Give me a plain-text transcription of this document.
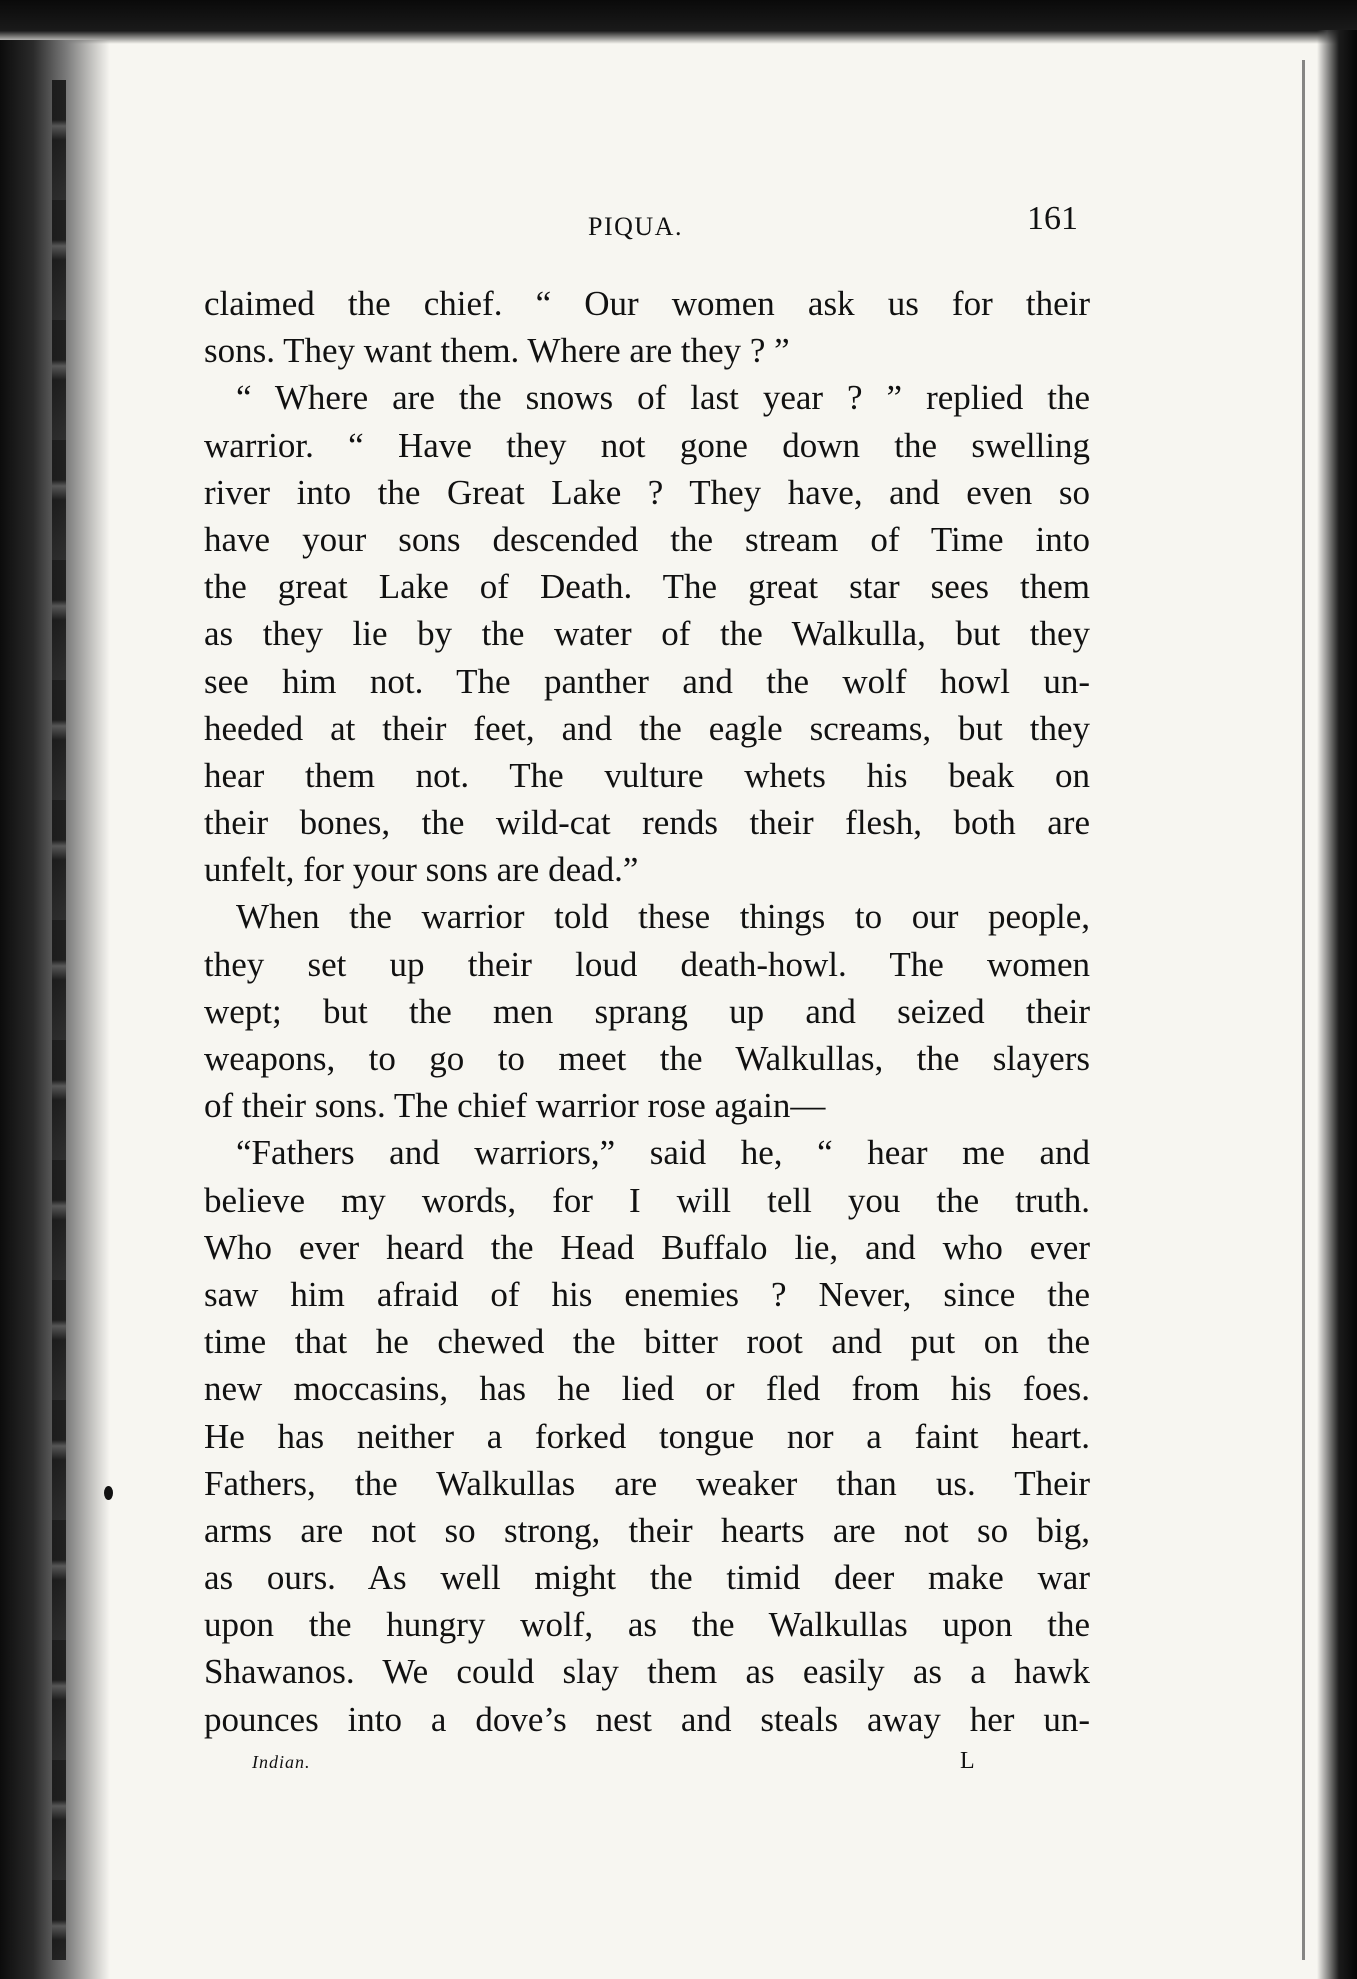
PIQUA.	161
claimed the chief. “ Our women ask us for their
sons. They want them. Where are they ? ”
“ Where are the snows of last year ? ” replied the
warrior. “ Have they not gone down the swelling
river into the Great Lake ? They have, and even so
have your sons descended the stream of Time into
the great Lake of Death. The great star sees them
as they lie by the water of the Walkulla, but they
see him not. The panther and the wolf howl un-
heeded at their feet, and the eagle screams, but they
hear them not. The vulture whets his beak on
their bones, the wild-cat rends their flesh, both are
unfelt, for your sons are dead.”
When the warrior told these things to our people,
they set up their loud death-howl. The women
wept; but the men sprang up and seized their
weapons, to go to meet the Walkullas, the slayers
of their sons. The chief warrior rose again—
“Fathers and warriors,” said he, “ hear me and
believe my words, for I will tell you the truth.
Who ever heard the Head Buffalo lie, and who ever
saw him afraid of his enemies ? Never, since the
time that he chewed the bitter root and put on the
new moccasins, has he lied or fled from his foes.
He has neither a forked tongue nor a faint heart.
Fathers, the Walkullas are weaker than us. Their
arms are not so strong, their hearts are not so big,
as ours. As well might the timid deer make war
upon the hungry wolf, as the Walkullas upon the
Shawanos. We could slay them as easily as a hawk
pounces into a dove’s nest and steals away her un-
Indian.	L
